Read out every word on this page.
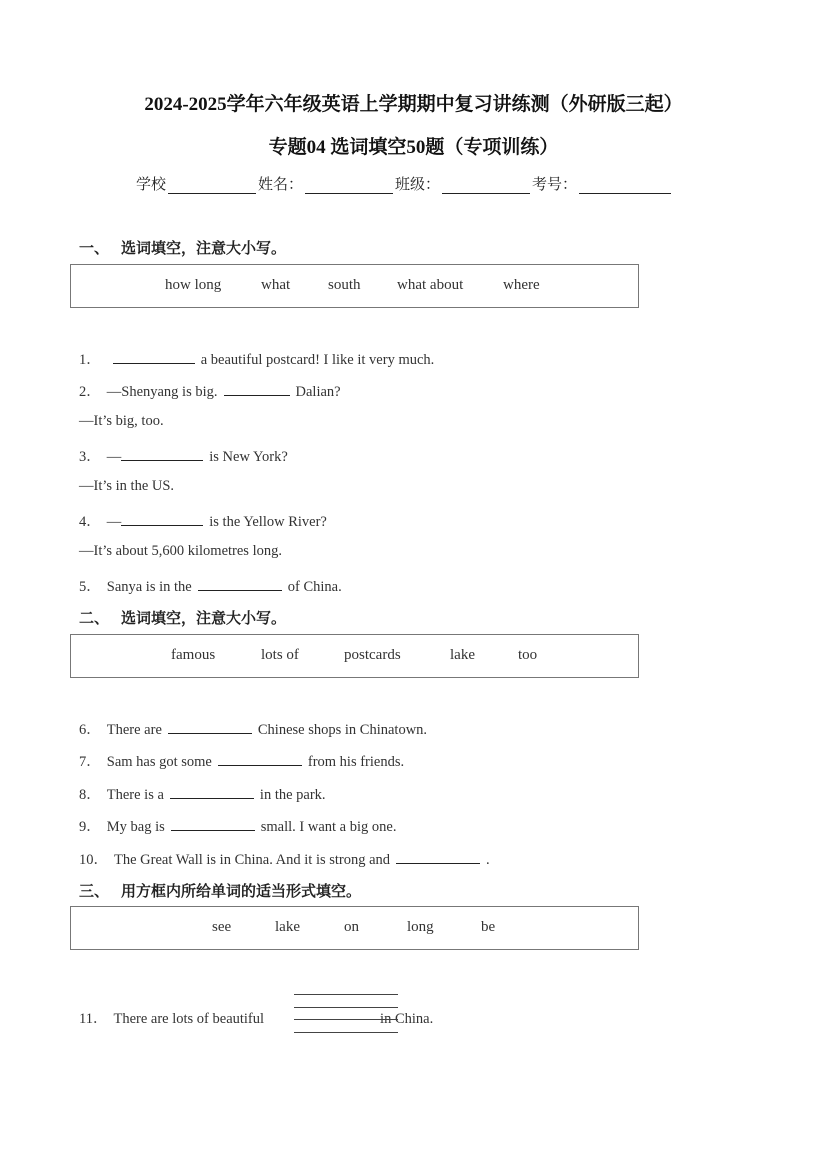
2024-2025学年六年级英语上学期期中复习讲练测（外研版三起）
专题04 选词填空50题（专项训练）
学校	姓名：	班级：	考号：
一、 选词填空，注意大小写。
how long	what	south what about	where
二、 选词填空，注意大小写。
famous	lots of	postcards	lake	too
三、 用方框内所给单词的适当形式填空。
see	lake	on	long	be
1．	a beautiful postcard! I like it very much.
2． —Shenyang is big.	Dalian?
—It’s big, too.
3． —	is New York?
—It’s in the US.
4． —	is the Yellow River?
—It’s about 5,600 kilometres long.
5． Sanya is in the	of China.
6． There are	Chinese shops in Chinatown.
7． Sam has got some	from his friends.
8． There is a	in the park.
9． My bag is	small. I want a big one.
10． The Great Wall is in China. And it is strong and	.
11． There are lots of beautiful	in China.
